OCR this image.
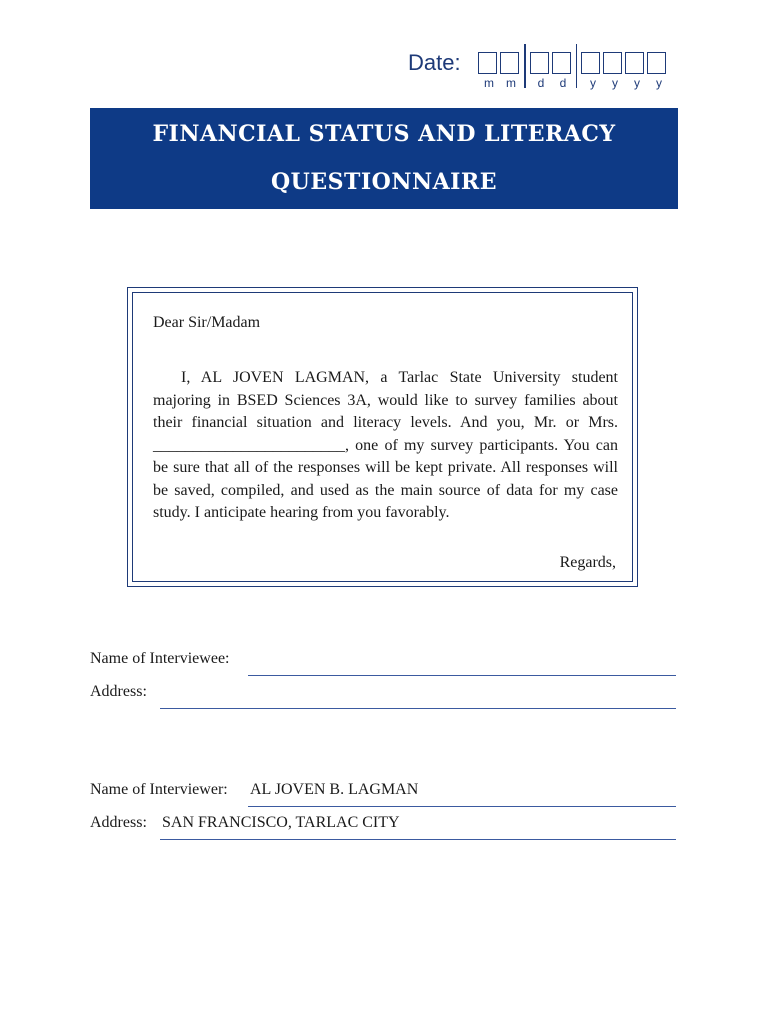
Date:
m	m	d	d	y	y	y	y
FINANCIAL STATUS AND LITERACY
QUESTIONNAIRE
Dear Sir/Madam
I, AL JOVEN LAGMAN, a Tarlac State University student majoring in BSED Sciences 3A, would like to survey families about their financial situation and literacy levels. And you, Mr. or Mrs. ________________________, one of my survey participants. You can be sure that all of the responses will be kept private. All responses will be saved, compiled, and used as the main source of data for my case study. I anticipate hearing from you favorably.
Regards,
Name of Interviewee:
Address:
Name of Interviewer: AL JOVEN B. LAGMAN
Address: SAN FRANCISCO, TARLAC CITY
